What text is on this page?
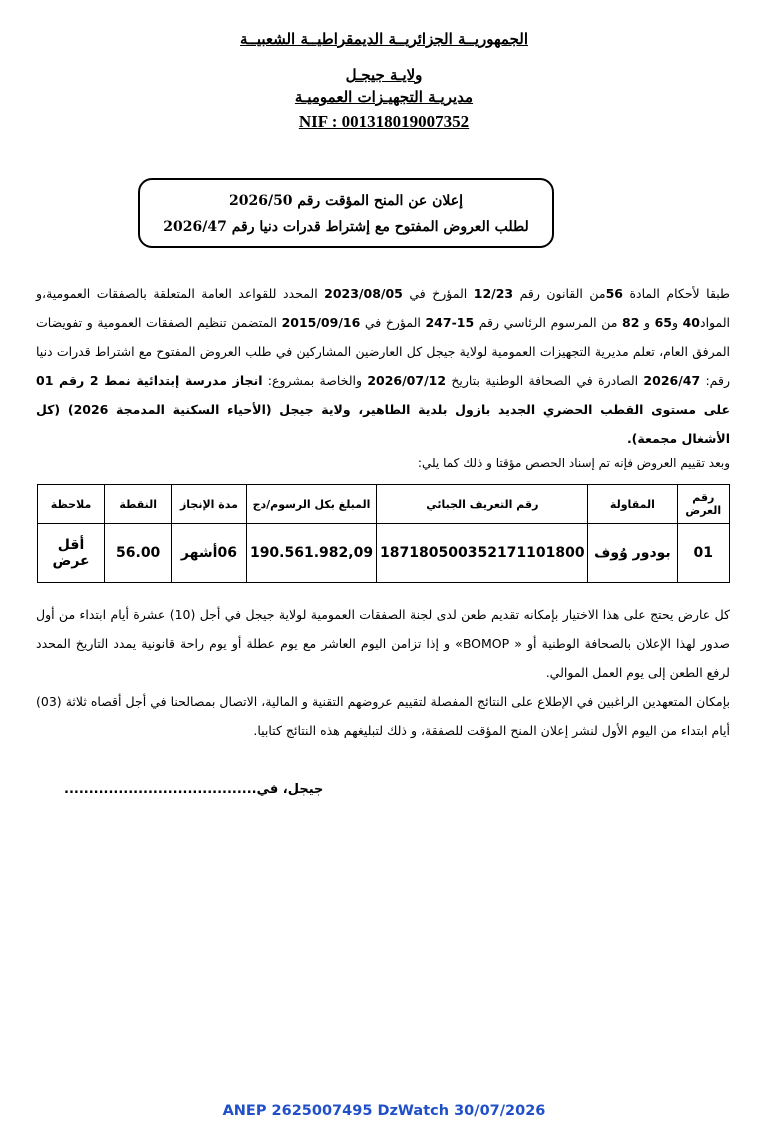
الجمهوريــة الجزائريــة الديمقراطيــة الشعبيــة
ولايـة جيجـل
مديريـة التجهيـزات العموميـة
NIF : 001318019007352
إعلان عن المنح المؤقت رقم 2026/50
لطلب العروض المفتوح مع إشتراط قدرات دنيا رقم 2026/47
طبقا لأحكام المادة 56من القانون رقم 12/23 المؤرخ في 2023/08/05 المحدد للقواعد العامة المتعلقة بالصفقات العمومية،و المواد40 و65 و 82 من المرسوم الرئاسي رقم 15-247 المؤرخ في 2015/09/16 المتضمن تنظيم الصفقات العمومية و تفويضات المرفق العام، تعلم مديرية التجهيزات العمومية لولاية جيجل كل العارضين المشاركين في طلب العروض المفتوح مع اشتراط قدرات دنيا رقم: 2026/47 الصادرة في الصحافة الوطنية بتاريخ 2026/07/12 والخاصة بمشروع: انجاز مدرسة إبتدائية نمط 2 رقم 01 على مستوى القطب الحضري الجديد بازول بلدية الطاهير، ولاية جيجل (الأحياء السكنية المدمجة 2026) (كل الأشغال مجمعة).
وبعد تقييم العروض فإنه تم إسناد الحصص مؤقتا و ذلك كما يلي:
رقم العرض	المقاولة	رقم التعريف الجبائي	المبلغ بكل الرسوم/دج	مدة الإنجاز	النقطة	ملاحظة
01	بودور وُوف	187180500352171101800	190.561.982,09	06أشهر	56.00	أقل عرض
كل عارض يحتج على هذا الاختيار بإمكانه تقديم طعن لدى لجنة الصفقات العمومية لولاية جيجل في أجل (10) عشرة أيام ابتداء من أول صدور لهذا الإعلان بالصحافة الوطنية أو « BOMOP» و إذا تزامن اليوم العاشر مع يوم عطلة أو يوم راحة قانونية يمدد التاريخ المحدد لرفع الطعن إلى يوم العمل الموالي.
بإمكان المتعهدين الراغبين في الإطلاع على النتائج المفصلة لتقييم عروضهم التقنية و المالية، الاتصال بمصالحنا في أجل أقصاه ثلاثة (03) أيام ابتداء من اليوم الأول لنشر إعلان المنح المؤقت للصفقة، و ذلك لتبليغهم هذه النتائج كتابيا.
جيجل، في.......................................
ANEP 2625007495 DzWatch 30/07/2026
